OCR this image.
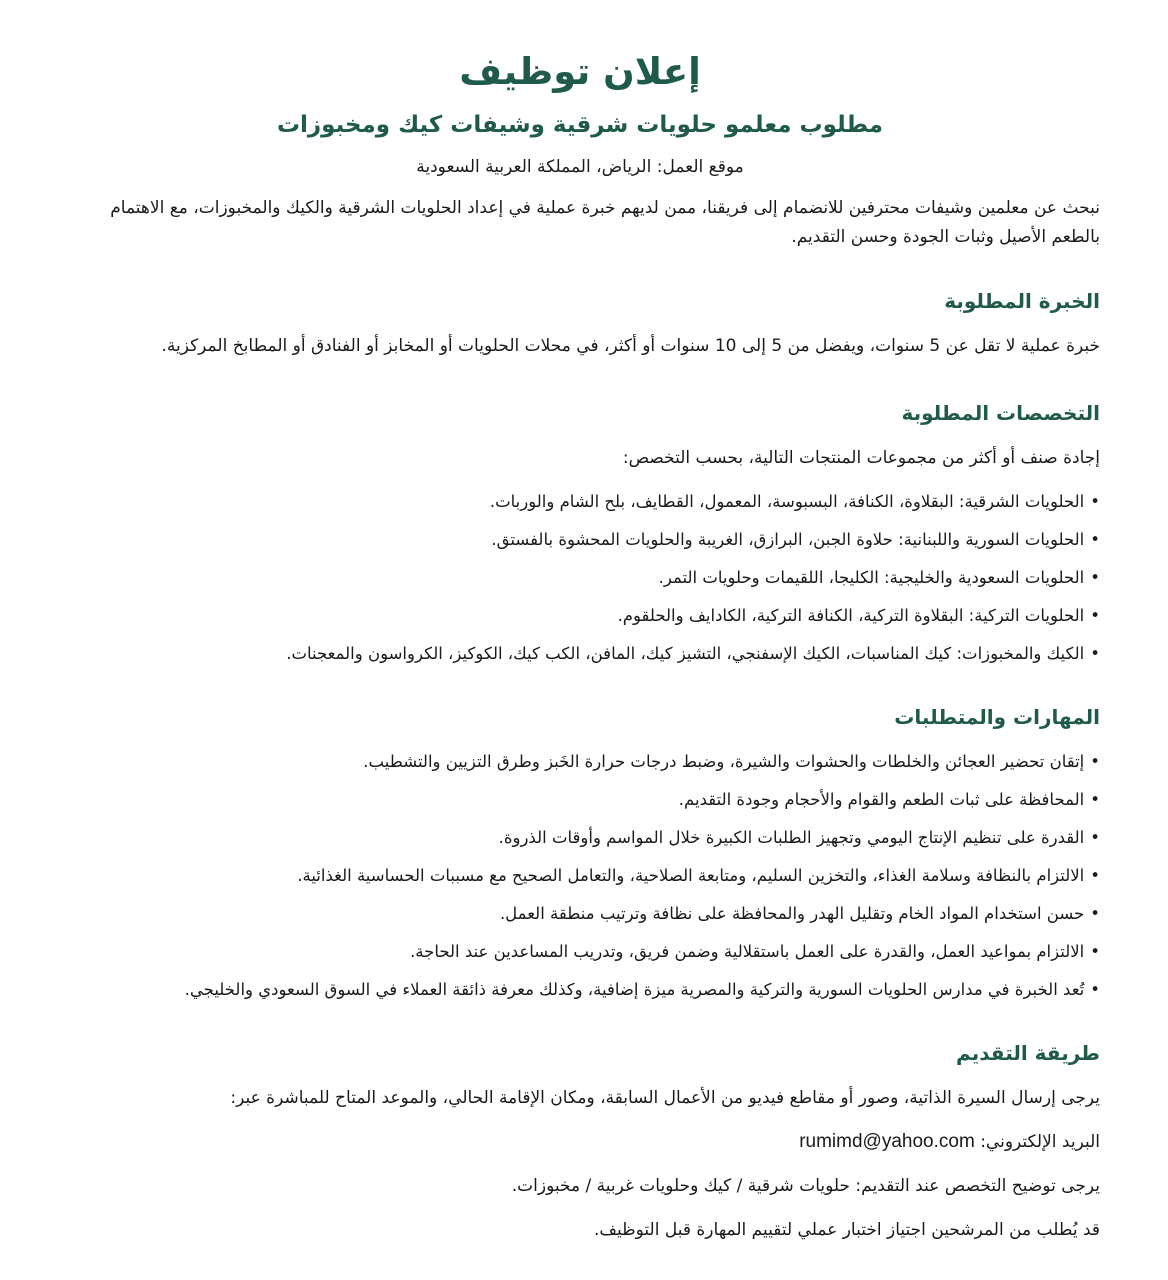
إعلان توظيف
مطلوب معلمو حلويات شرقية وشيفات كيك ومخبوزات

موقع العمل: الرياض، المملكة العربية السعودية

نبحث عن معلمين وشيفات محترفين للانضمام إلى فريقنا، ممن لديهم خبرة عملية في إعداد الحلويات الشرقية والكيك والمخبوزات، مع الاهتمام بالطعم الأصيل وثبات الجودة وحسن التقديم.

الخبرة المطلوبة

خبرة عملية لا تقل عن 5 سنوات، ويفضل من 5 إلى 10 سنوات أو أكثر، في محلات الحلويات أو المخابز أو الفنادق أو المطابخ المركزية.

التخصصات المطلوبة

إجادة صنف أو أكثر من مجموعات المنتجات التالية، بحسب التخصص:

•الحلويات الشرقية: البقلاوة، الكنافة، البسبوسة، المعمول، القطايف، بلح الشام والوربات.
•الحلويات السورية واللبنانية: حلاوة الجبن، البرازق، الغريبة والحلويات المحشوة بالفستق.
•الحلويات السعودية والخليجية: الكليجا، اللقيمات وحلويات التمر.
•الحلويات التركية: البقلاوة التركية، الكنافة التركية، الكادايف والحلقوم.
•الكيك والمخبوزات: كيك المناسبات، الكيك الإسفنجي، التشيز كيك، المافن، الكب كيك، الكوكيز، الكرواسون والمعجنات.
المهارات والمتطلبات
•إتقان تحضير العجائن والخلطات والحشوات والشيرة، وضبط درجات حرارة الخَبز وطرق التزيين والتشطيب.
•المحافظة على ثبات الطعم والقوام والأحجام وجودة التقديم.
•القدرة على تنظيم الإنتاج اليومي وتجهيز الطلبات الكبيرة خلال المواسم وأوقات الذروة.
•الالتزام بالنظافة وسلامة الغذاء، والتخزين السليم، ومتابعة الصلاحية، والتعامل الصحيح مع مسببات الحساسية الغذائية.
•حسن استخدام المواد الخام وتقليل الهدر والمحافظة على نظافة وترتيب منطقة العمل.
•الالتزام بمواعيد العمل، والقدرة على العمل باستقلالية وضمن فريق، وتدريب المساعدين عند الحاجة.
•تُعد الخبرة في مدارس الحلويات السورية والتركية والمصرية ميزة إضافية، وكذلك معرفة ذائقة العملاء في السوق السعودي والخليجي.
طريقة التقديم

يرجى إرسال السيرة الذاتية، وصور أو مقاطع فيديو من الأعمال السابقة، ومكان الإقامة الحالي، والموعد المتاح للمباشرة عبر:

البريد الإلكتروني: rumimd@yahoo.com

يرجى توضيح التخصص عند التقديم: حلويات شرقية / كيك وحلويات غربية / مخبوزات.

قد يُطلب من المرشحين اجتياز اختبار عملي لتقييم المهارة قبل التوظيف.
